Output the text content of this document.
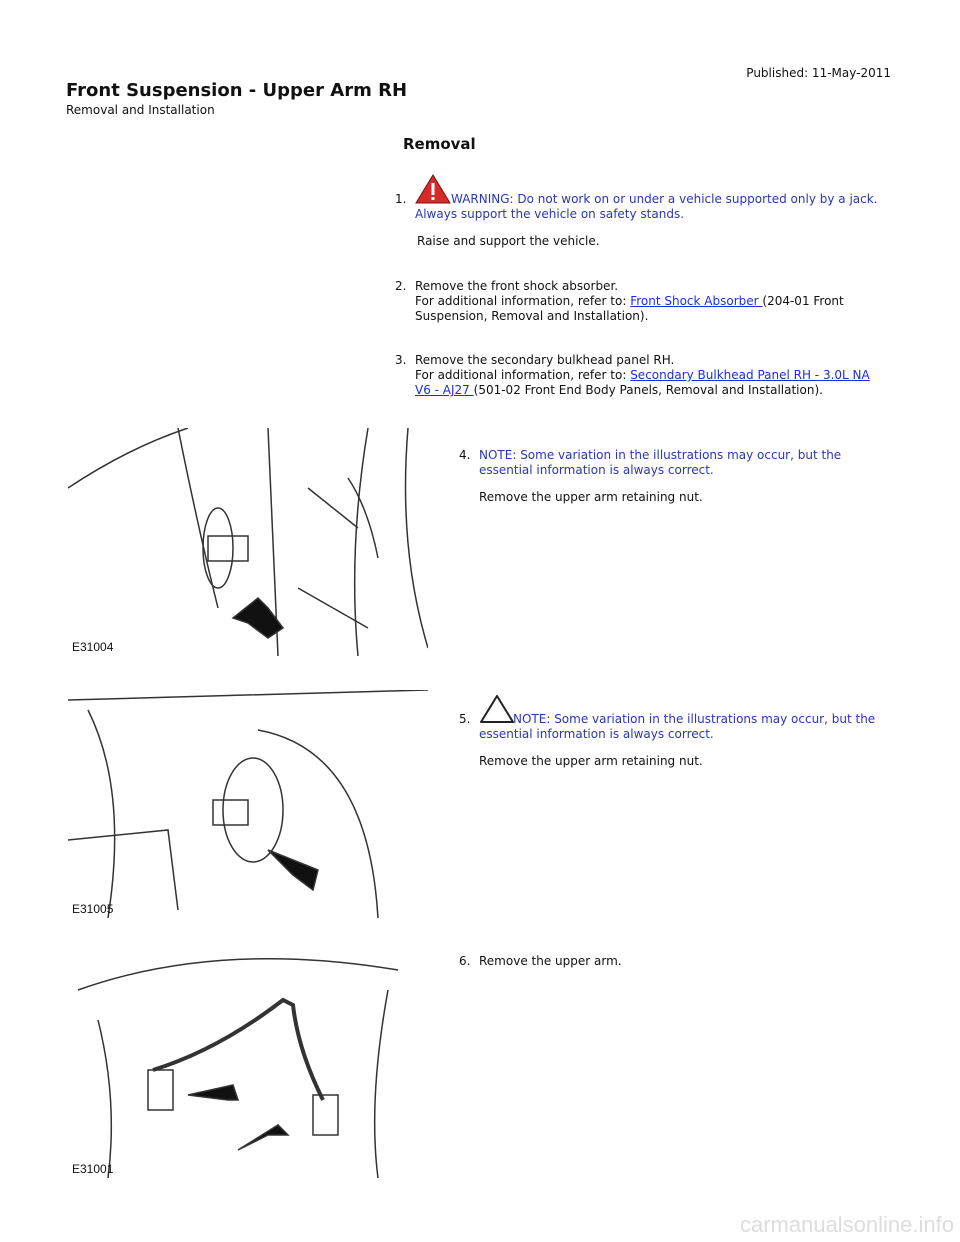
Published: 11-May-2011
Front Suspension - Upper Arm RH
Removal and Installation
Removal
1.	WARNING: Do not work on or under a vehicle supported only by a jack. Always support the vehicle on safety stands.
Raise and support the vehicle.
2. Remove the front shock absorber.
For additional information, refer to: Front Shock Absorber (204-01 Front Suspension, Removal and Installation).
3. Remove the secondary bulkhead panel RH.
For additional information, refer to: Secondary Bulkhead Panel RH - 3.0L NA V6 - AJ27 (501-02 Front End Body Panels, Removal and Installation).
E31004
4. NOTE: Some variation in the illustrations may occur, but the essential information is always correct.
Remove the upper arm retaining nut.
E31005
5.	NOTE: Some variation in the illustrations may occur, but the essential information is always correct.
Remove the upper arm retaining nut.
E31001
6. Remove the upper arm.
carmanualsonline.info
